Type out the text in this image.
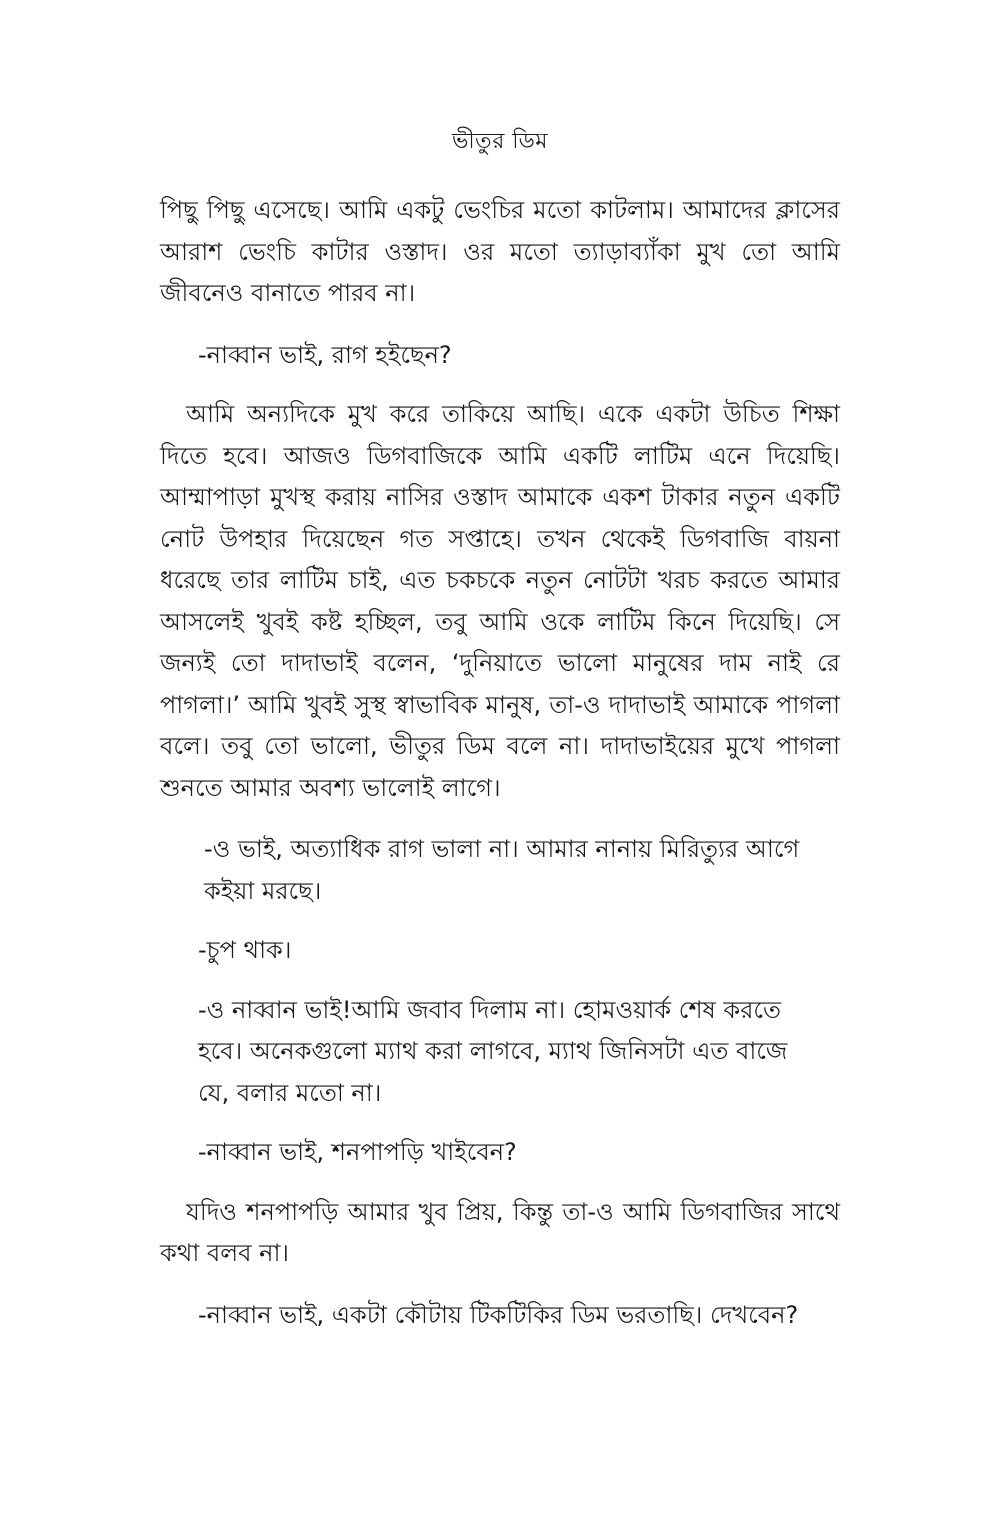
ভীতুর ডিম

পিছু পিছু এসেছে। আমি একটু ভেংচির মতো কাটলাম। আমাদের ক্লাসের আরাশ ভেংচি কাটার ওস্তাদ। ওর মতো ত্যাড়াব্যাঁকা মুখ তো আমি জীবনেও বানাতে পারব না।

-নাব্বান ভাই, রাগ হইছেন?

আমি অন্যদিকে মুখ করে তাকিয়ে আছি। একে একটা উচিত শিক্ষা দিতে হবে। আজও ডিগবাজিকে আমি একটি লাটিম এনে দিয়েছি। আম্মাপাড়া মুখস্থ করায় নাসির ওস্তাদ আমাকে একশ টাকার নতুন একটি নোট উপহার দিয়েছেন গত সপ্তাহে। তখন থেকেই ডিগবাজি বায়না ধরেছে তার লাটিম চাই, এত চকচকে নতুন নোটটা খরচ করতে আমার আসলেই খুবই কষ্ট হচ্ছিল, তবু আমি ওকে লাটিম কিনে দিয়েছি। সে জন্যই তো দাদাভাই বলেন, ‘দুনিয়াতে ভালো মানুষের দাম নাই রে পাগলা।’ আমি খুবই সুস্থ স্বাভাবিক মানুষ, তা-ও দাদাভাই আমাকে পাগলা বলে। তবু তো ভালো, ভীতুর ডিম বলে না। দাদাভাইয়ের মুখে পাগলা শুনতে আমার অবশ্য ভালোই লাগে।

-ও ভাই, অত্যাধিক রাগ ভালা না। আমার নানায় মিরিত্যুর আগে কইয়া মরছে।

-চুপ থাক।

-ও নাব্বান ভাই!আমি জবাব দিলাম না। হোমওয়ার্ক শেষ করতে হবে। অনেকগুলো ম্যাথ করা লাগবে, ম্যাথ জিনিসটা এত বাজে যে, বলার মতো না।

-নাব্বান ভাই, শনপাপড়ি খাইবেন?

যদিও শনপাপড়ি আমার খুব প্রিয়, কিন্তু তা-ও আমি ডিগবাজির সাথে কথা বলব না।

-নাব্বান ভাই, একটা কৌটায় টিকটিকির ডিম ভরতাছি। দেখবেন?
